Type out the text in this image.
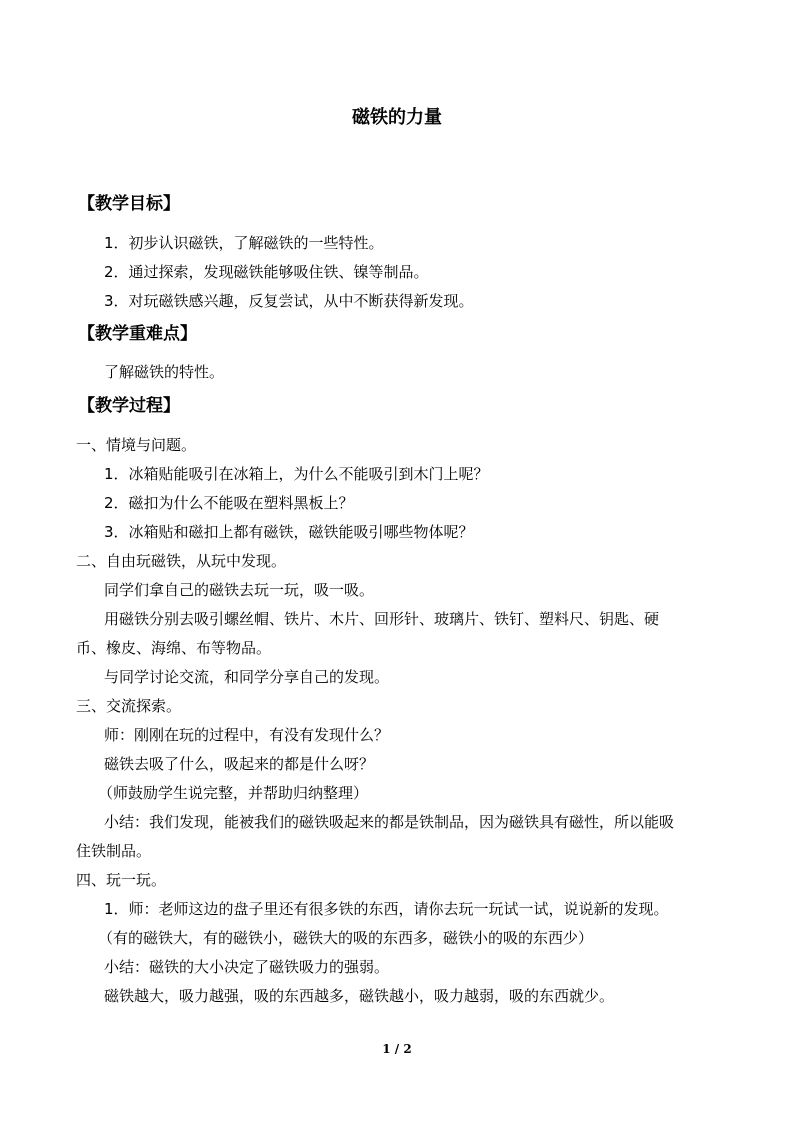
磁铁的力量
【教学目标】
1．初步认识磁铁，了解磁铁的一些特性。
2．通过探索，发现磁铁能够吸住铁、镍等制品。
3．对玩磁铁感兴趣，反复尝试，从中不断获得新发现。
【教学重难点】
了解磁铁的特性。
【教学过程】
一、情境与问题。
1．冰箱贴能吸引在冰箱上，为什么不能吸引到木门上呢？
2．磁扣为什么不能吸在塑料黑板上？
3．冰箱贴和磁扣上都有磁铁，磁铁能吸引哪些物体呢？
二、自由玩磁铁，从玩中发现。
同学们拿自己的磁铁去玩一玩，吸一吸。
用磁铁分别去吸引螺丝帽、铁片、木片、回形针、玻璃片、铁钉、塑料尺、钥匙、硬
币、橡皮、海绵、布等物品。
与同学讨论交流，和同学分享自己的发现。
三、交流探索。
师：刚刚在玩的过程中，有没有发现什么？
磁铁去吸了什么，吸起来的都是什么呀？
（师鼓励学生说完整，并帮助归纳整理）
小结：我们发现，能被我们的磁铁吸起来的都是铁制品，因为磁铁具有磁性，所以能吸
住铁制品。
四、玩一玩。
1．师：老师这边的盘子里还有很多铁的东西，请你去玩一玩试一试，说说新的发现。
（有的磁铁大，有的磁铁小，磁铁大的吸的东西多，磁铁小的吸的东西少）
小结：磁铁的大小决定了磁铁吸力的强弱。
磁铁越大，吸力越强，吸的东西越多，磁铁越小，吸力越弱，吸的东西就少。
1 / 2
